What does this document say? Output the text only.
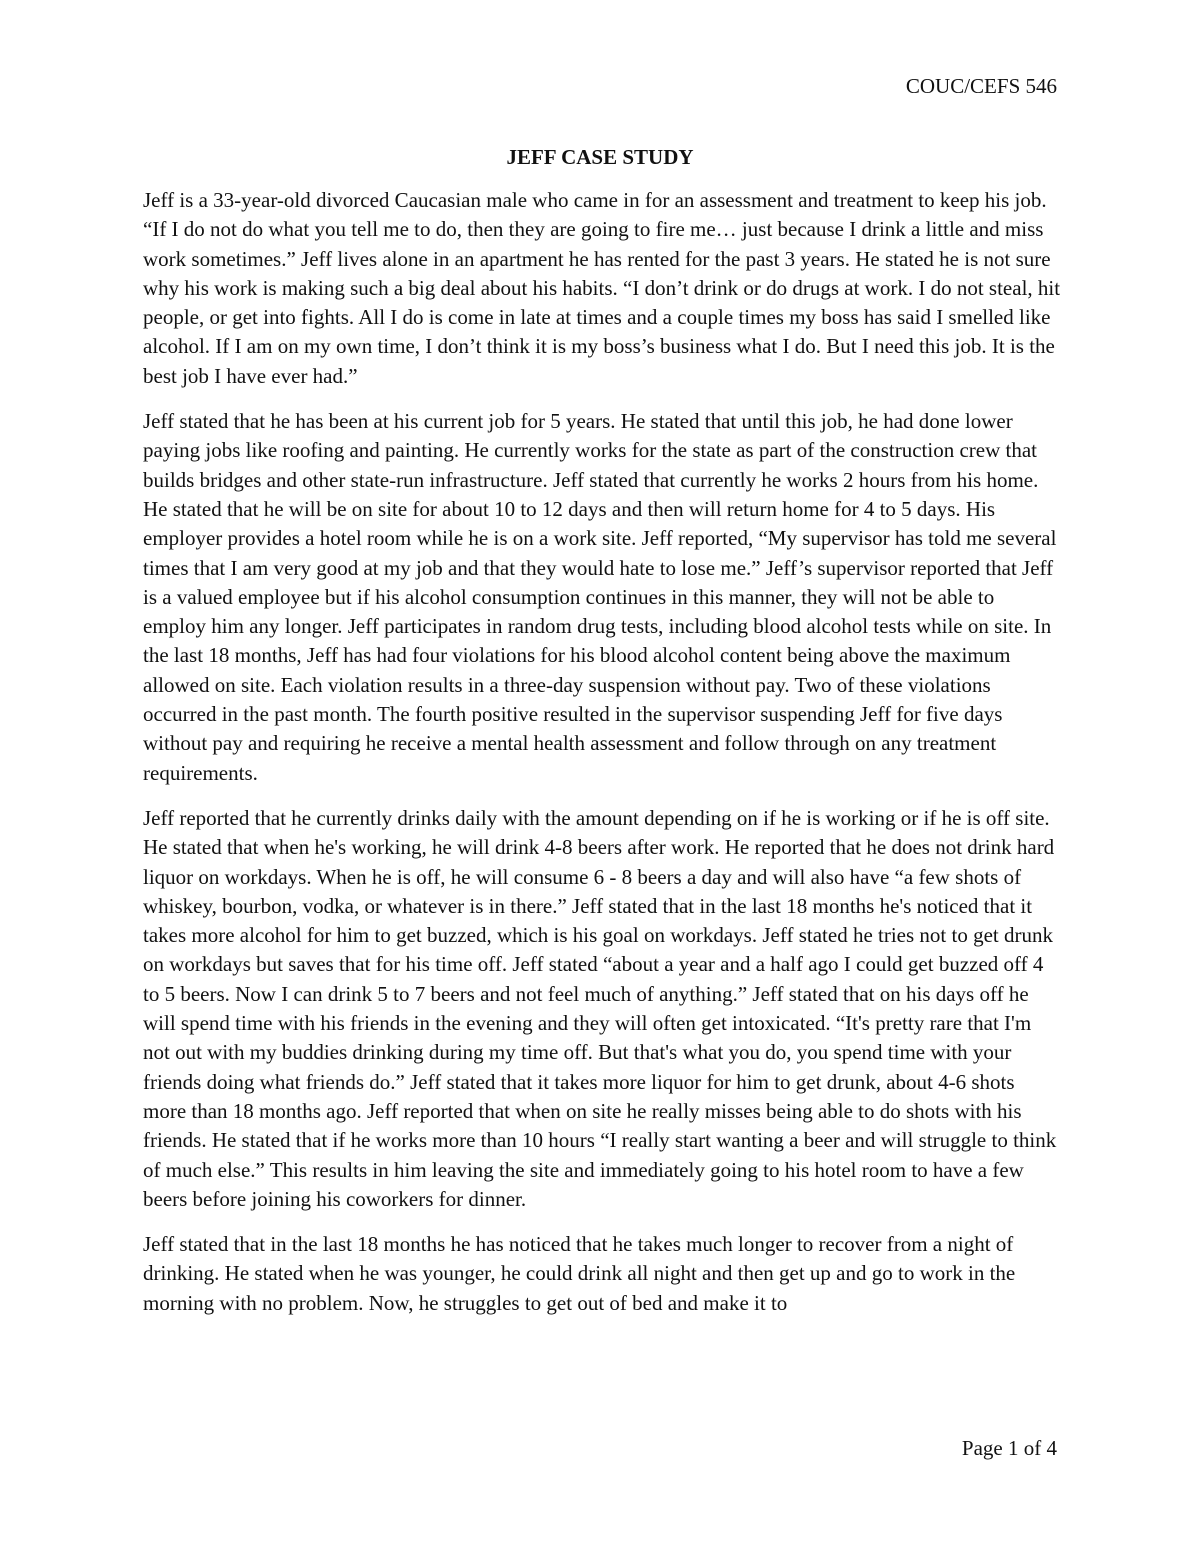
COUC/CEFS 546
JEFF CASE STUDY

Jeff is a 33-year-old divorced Caucasian male who came in for an assessment and treatment to keep his job. “If I do not do what you tell me to do, then they are going to fire me… just because I drink a little and miss work sometimes.” Jeff lives alone in an apartment he has rented for the past 3 years. He stated he is not sure why his work is making such a big deal about his habits. “I don’t drink or do drugs at work. I do not steal, hit people, or get into fights. All I do is come in late at times and a couple times my boss has said I smelled like alcohol. If I am on my own time, I don’t think it is my boss’s business what I do. But I need this job. It is the best job I have ever had.”

Jeff stated that he has been at his current job for 5 years. He stated that until this job, he had done lower paying jobs like roofing and painting. He currently works for the state as part of the construction crew that builds bridges and other state-run infrastructure. Jeff stated that currently he works 2 hours from his home. He stated that he will be on site for about 10 to 12 days and then will return home for 4 to 5 days. His employer provides a hotel room while he is on a work site. Jeff reported, “My supervisor has told me several times that I am very good at my job and that they would hate to lose me.” Jeff’s supervisor reported that Jeff is a valued employee but if his alcohol consumption continues in this manner, they will not be able to employ him any longer. Jeff participates in random drug tests, including blood alcohol tests while on site. In the last 18 months, Jeff has had four violations for his blood alcohol content being above the maximum allowed on site. Each violation results in a three-day suspension without pay. Two of these violations occurred in the past month. The fourth positive resulted in the supervisor suspending Jeff for five days without pay and requiring he receive a mental health assessment and follow through on any treatment requirements.

Jeff reported that he currently drinks daily with the amount depending on if he is working or if he is off site. He stated that when he's working, he will drink 4-8 beers after work. He reported that he does not drink hard liquor on workdays. When he is off, he will consume 6 - 8 beers a day and will also have “a few shots of whiskey, bourbon, vodka, or whatever is in there.” Jeff stated that in the last 18 months he's noticed that it takes more alcohol for him to get buzzed, which is his goal on workdays. Jeff stated he tries not to get drunk on workdays but saves that for his time off. Jeff stated “about a year and a half ago I could get buzzed off 4 to 5 beers. Now I can drink 5 to 7 beers and not feel much of anything.” Jeff stated that on his days off he will spend time with his friends in the evening and they will often get intoxicated. “It's pretty rare that I'm not out with my buddies drinking during my time off. But that's what you do, you spend time with your friends doing what friends do.” Jeff stated that it takes more liquor for him to get drunk, about 4-6 shots more than 18 months ago. Jeff reported that when on site he really misses being able to do shots with his friends. He stated that if he works more than 10 hours “I really start wanting a beer and will struggle to think of much else.” This results in him leaving the site and immediately going to his hotel room to have a few beers before joining his coworkers for dinner.

Jeff stated that in the last 18 months he has noticed that he takes much longer to recover from a night of drinking. He stated when he was younger, he could drink all night and then get up and go to work in the morning with no problem. Now, he struggles to get out of bed and make it to

Page 1 of 4
